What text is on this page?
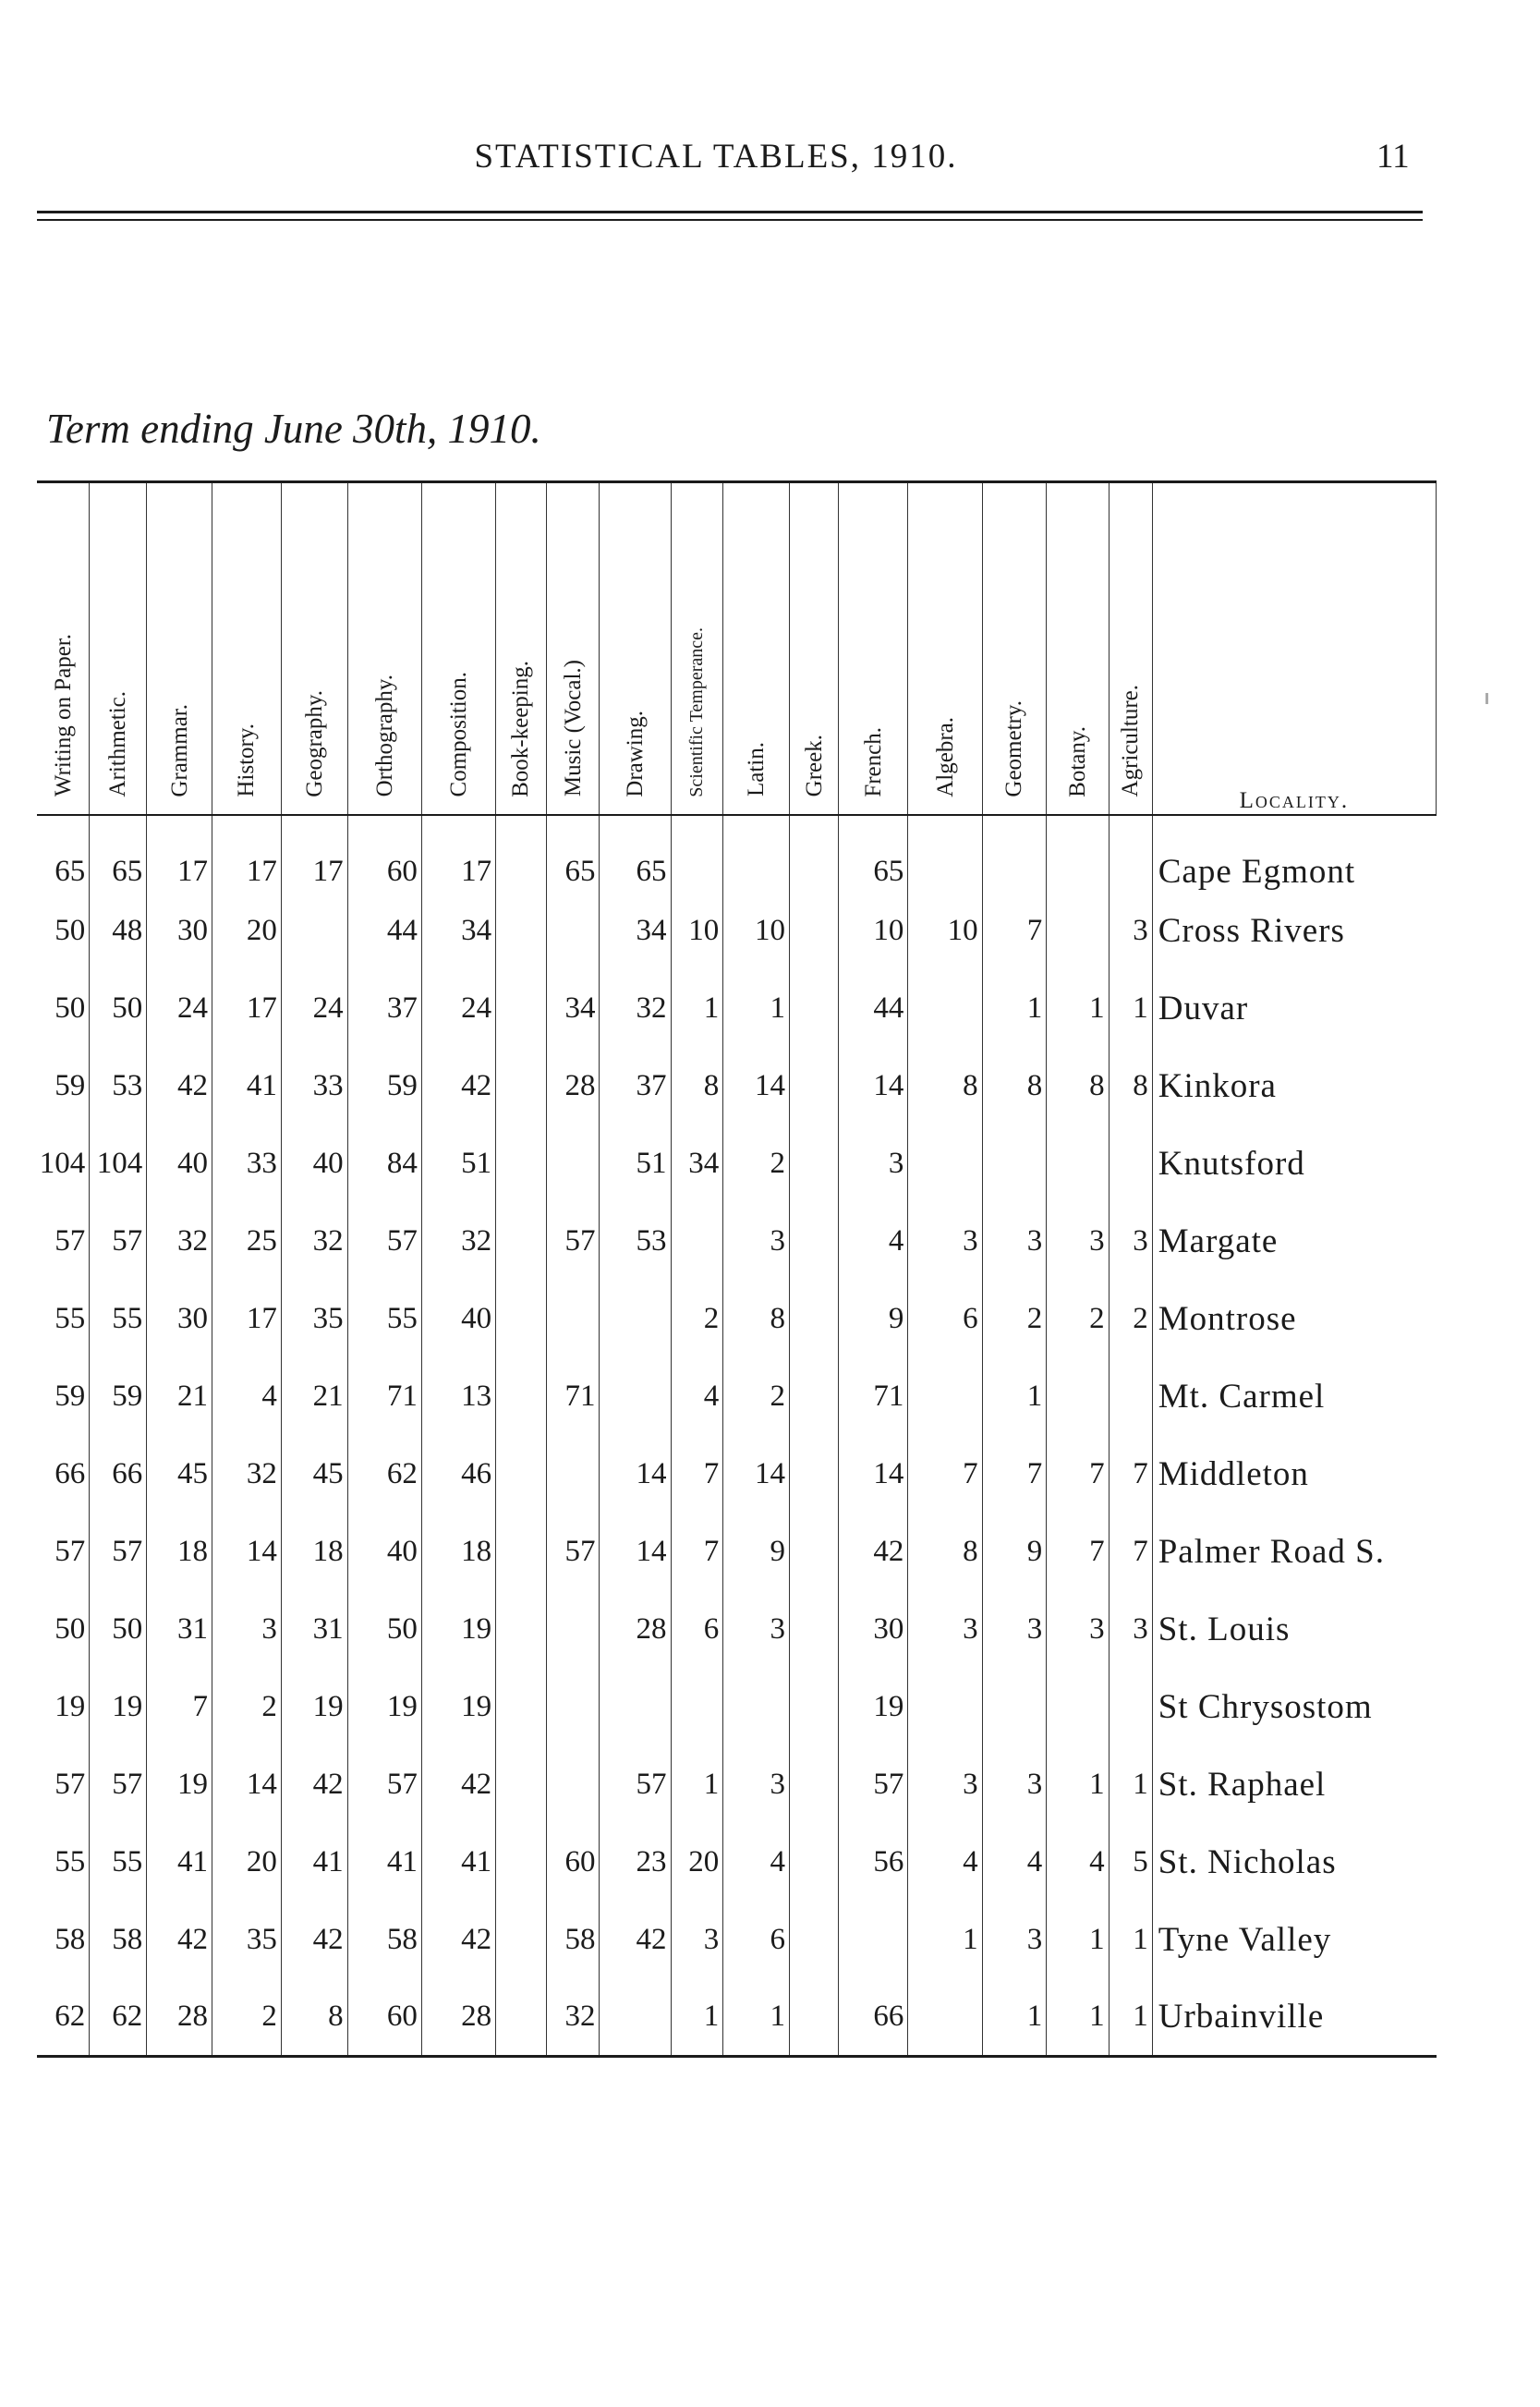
STATISTICAL TABLES, 1910.	11
Term ending June 30th, 1910.
Writing on Paper.	Arithmetic.	Grammar.	History.	Geography.	Orthography.	Composition.	Book-keeping.	Music (Vocal.)	Drawing.	Scientific Temperance.	Latin.	Greek.	French.	Algebra.	Geometry.	Botany.	Agriculture.	Locality.
65	65	17	17	17	60	17		65	65				65					Cape Egmont
50	48	30	20		44	34			34	10	10		10	10	7		3	Cross Rivers
50	50	24	17	24	37	24		34	32	1	1		44		1	1	1	Duvar
59	53	42	41	33	59	42		28	37	8	14		14	8	8	8	8	Kinkora
104	104	40	33	40	84	51			51	34	2		3					Knutsford
57	57	32	25	32	57	32		57	53		3		4	3	3	3	3	Margate
55	55	30	17	35	55	40				2	8		9	6	2	2	2	Montrose
59	59	21	4	21	71	13		71		4	2		71		1			Mt. Carmel
66	66	45	32	45	62	46			14	7	14		14	7	7	7	7	Middleton
57	57	18	14	18	40	18		57	14	7	9		42	8	9	7	7	Palmer Road S.
50	50	31	3	31	50	19			28	6	3		30	3	3	3	3	St. Louis
19	19	7	2	19	19	19							19					St Chrysostom
57	57	19	14	42	57	42			57	1	3		57	3	3	1	1	St. Raphael
55	55	41	20	41	41	41		60	23	20	4		56	4	4	4	5	St. Nicholas
58	58	42	35	42	58	42		58	42	3	6			1	3	1	1	Tyne Valley
62	62	28	2	8	60	28		32		1	1		66		1	1	1	Urbainville
